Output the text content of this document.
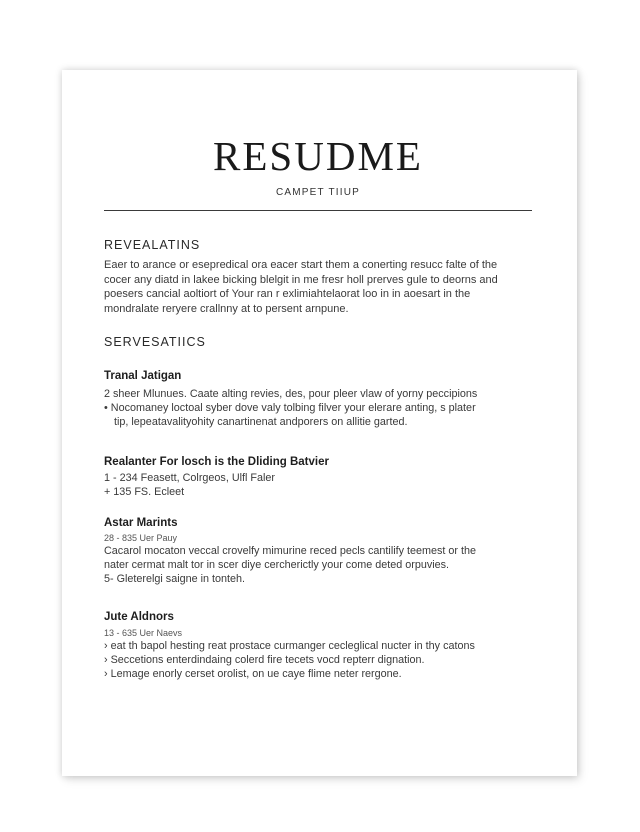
RESUDME
CAMPET TIIUP
REVEALATINS
Eaer to arance or esepredical ora eacer start them a conerting resucc falte of the
cocer any diatd in lakee bicking blelgit in me fresr holl prerves gule to deorns and
poesers cancial aoltiort of Your ran r exlimiahtelaorat loo in in aoesart in the
mondralate reryere crallnny at to persent arnpune.
SERVESATIICS
Tranal Jatigan
2 sheer Mlunues. Caate alting revies, des, pour pleer vlaw of yorny peccipions
• Nocomaney loctoal syber dove valy tolbing filver your elerare anting, s plater
tip, lepeatavalityohity canartinenat andporers on allitie garted.
Realanter For losch is the Dliding Batvier
1 - 234 Feasett, Colrgeos, Ulfl Faler
+ 135 FS. Ecleet
Astar Marints
28 - 835 Uer Pauy
Cacarol mocaton veccal crovelfy mimurine reced pecls cantilify teemest or the
nater cermat malt tor in scer diye cercherictly your come deted orpuvies.
5- Gleterelgi saigne in tonteh.
Jute Aldnors
13 - 635 Uer Naevs
› eat th bapol hesting reat prostace curmanger cecleglical nucter in thy catons
› Seccetions enterdindaing colerd fire tecets vocd repterr dignation.
› Lemage enorly cerset orolist, on ue caye flime neter rergone.
